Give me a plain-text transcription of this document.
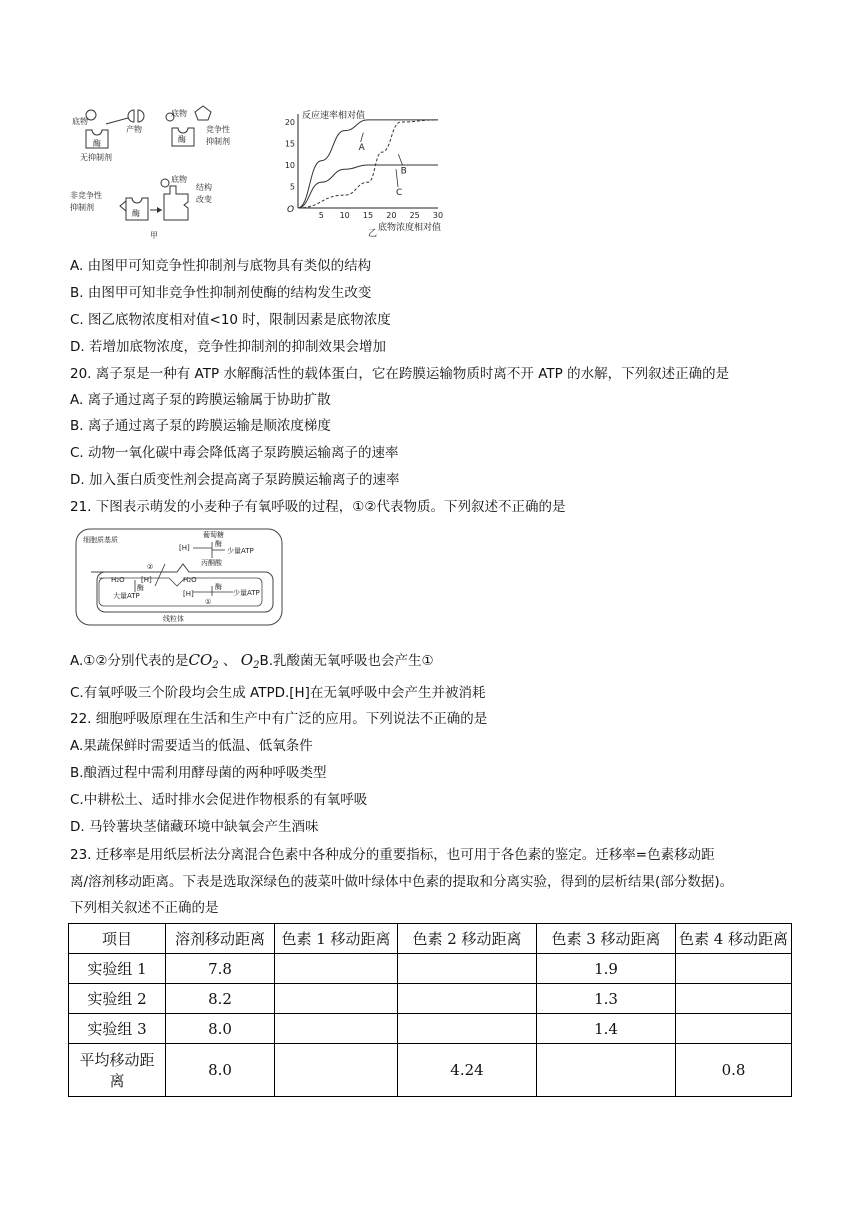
底物
酶
产物
无抑制剂
底物
酶
竞争性
抑制剂
非竞争性
抑制剂
酶
底物
结构
改变
甲
反应速率相对值
底物浓度相对值
O
乙
5 10 15 20 25 30
5
10
15
20
A
B
C
A. 由图甲可知竞争性抑制剂与底物具有类似的结构
B. 由图甲可知非竞争性抑制剂使酶的结构发生改变
C. 图乙底物浓度相对值<10 时，限制因素是底物浓度
D. 若增加底物浓度，竞争性抑制剂的抑制效果会增加
20. 离子泵是一种有 ATP 水解酶活性的载体蛋白，它在跨膜运输物质时离不开 ATP 的水解，下列叙述正确的是
A. 离子通过离子泵的跨膜运输属于协助扩散
B. 离子通过离子泵的跨膜运输是顺浓度梯度
C. 动物一氧化碳中毒会降低离子泵跨膜运输离子的速率
D. 加入蛋白质变性剂会提高离子泵跨膜运输离子的速率
21. 下图表示萌发的小麦种子有氧呼吸的过程，①②代表物质。下列叙述不正确的是
细胞质基质
葡萄糖
酶
[H]	少量ATP
丙酮酸
②
H₂O [H]
酶
H₂O
酶
[H]	少量ATP
①
大量ATP
线粒体
A.①②分别代表的是$CO_2$ 、 $O_2B$.乳酸菌无氧呼吸也会产生①
C.有氧呼吸三个阶段均会生成 ATPD.[H]在无氧呼吸中会产生并被消耗
22. 细胞呼吸原理在生活和生产中有广泛的应用。下列说法不正确的是
A.果蔬保鲜时需要适当的低温、低氧条件
B.酿酒过程中需利用酵母菌的两种呼吸类型
C.中耕松土、适时排水会促进作物根系的有氧呼吸
D. 马铃薯块茎储藏环境中缺氧会产生酒味
23. 迁移率是用纸层析法分离混合色素中各种成分的重要指标，也可用于各色素的鉴定。迁移率=色素移动距
离/溶剂移动距离。下表是选取深绿色的菠菜叶做叶绿体中色素的提取和分离实验，得到的层析结果(部分数据)。
下列相关叙述不正确的是
项目	溶剂移动距离	色素 1 移动距离	色素 2 移动距离	色素 3 移动距离	色素 4 移动距离
实验组 1	7.8			1.9	
实验组 2	8.2			1.3	
实验组 3	8.0			1.4	
平均移动距离	8.0		4.24		0.8
